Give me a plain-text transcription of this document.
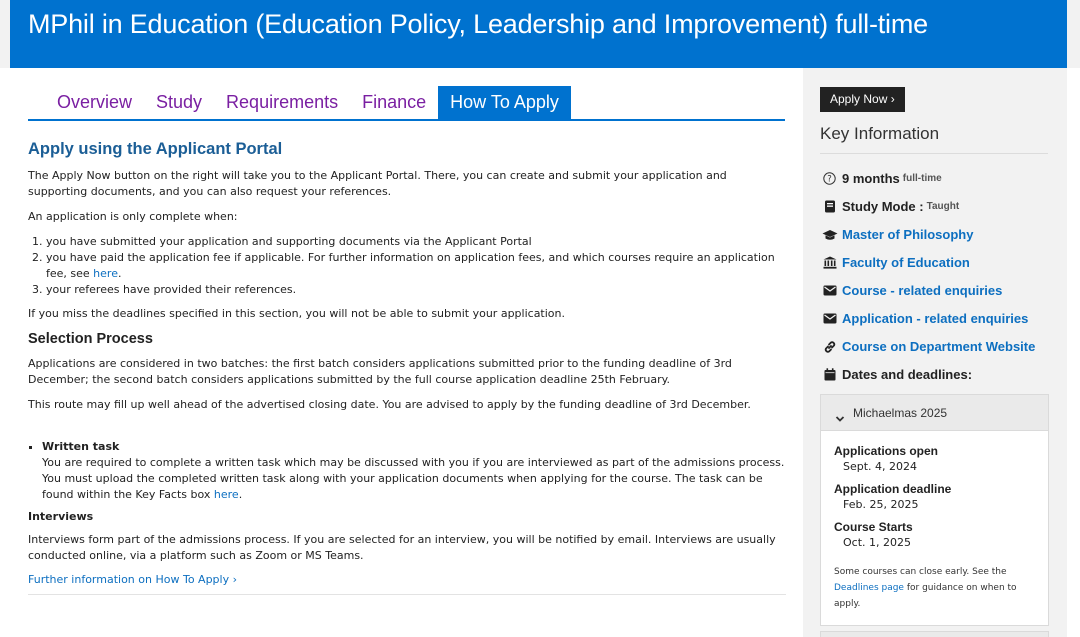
MPhil in Education (Education Policy, Leadership and Improvement) full-time
Overview	Study	Requirements	Finance	How To Apply
Apply using the Applicant Portal

The Apply Now button on the right will take you to the Applicant Portal. There, you can create and submit your application and supporting documents, and you can also request your references.

An application is only complete when:

1. you have submitted your application and supporting documents via the Applicant Portal
2. you have paid the application fee if applicable. For further information on application fees, and which courses require an application fee, see here.
3. your referees have provided their references.

If you miss the deadlines specified in this section, you will not be able to submit your application.

Selection Process

Applications are considered in two batches: the first batch considers applications submitted prior to the funding deadline of 3rd December; the second batch considers applications submitted by the full course application deadline 25th February.

This route may fill up well ahead of the advertised closing date. You are advised to apply by the funding deadline of 3rd December.

▪ Written task
You are required to complete a written task which may be discussed with you if you are interviewed as part of the admissions process. You must upload the completed written task along with your application documents when applying for the course. The task can be found within the Key Facts box here.
Interviews

Interviews form part of the admissions process. If you are selected for an interview, you will be notified by email. Interviews are usually conducted online, via a platform such as Zoom or MS Teams.

Further information on How To Apply ›
Apply Now ›
Key Information
? 9 months full-time
Study Mode : Taught
Master of Philosophy
Faculty of Education
Course - related enquiries
Application - related enquiries
Course on Department Website
Dates and deadlines:
Michaelmas 2025
Applications open
Sept. 4, 2024
Application deadline
Feb. 25, 2025
Course Starts
Oct. 1, 2025
Some courses can close early. See the Deadlines page for guidance on when to apply.
